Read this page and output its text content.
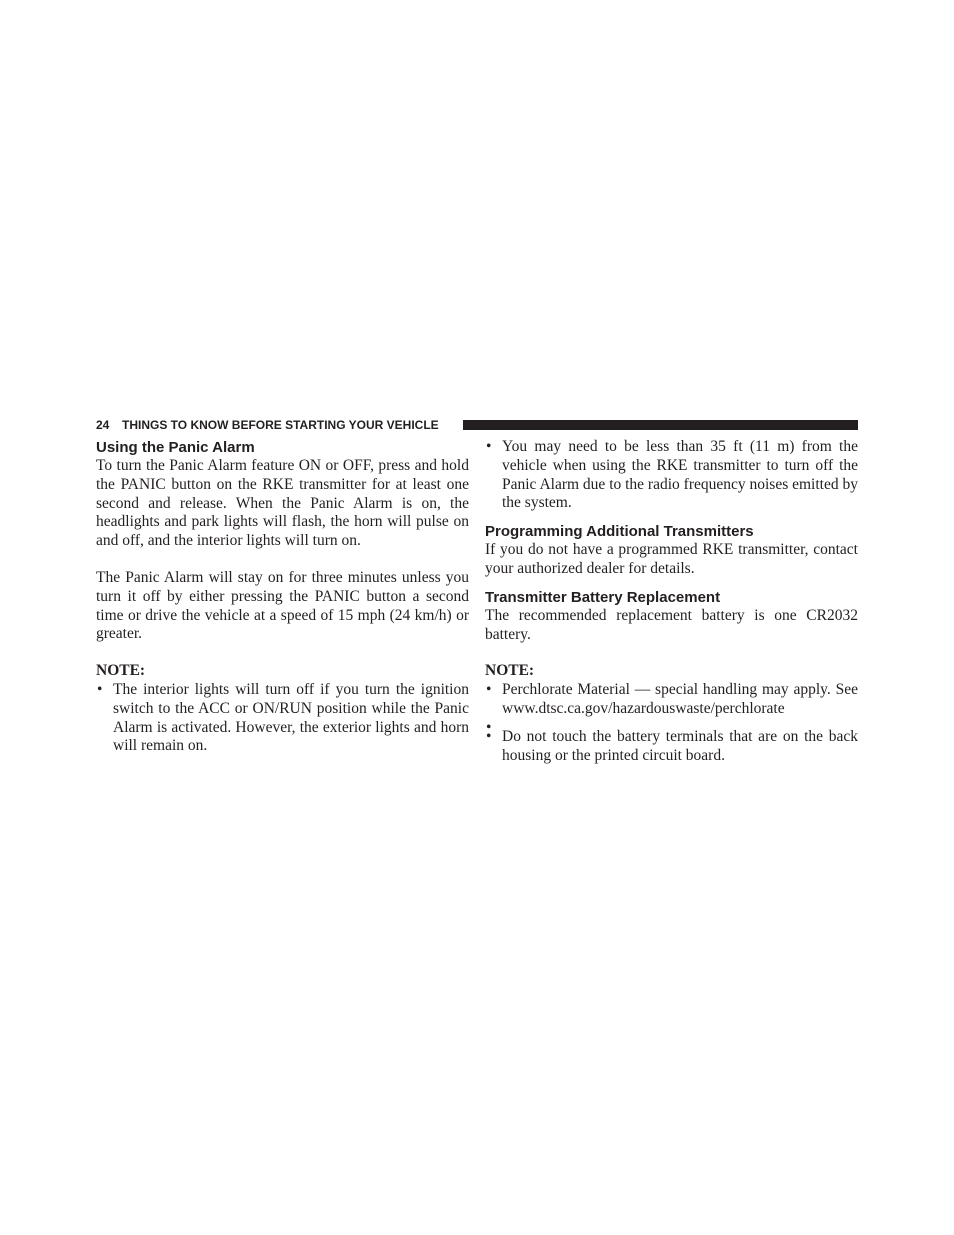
24 THINGS TO KNOW BEFORE STARTING YOUR VEHICLE
Using the Panic Alarm

To turn the Panic Alarm feature ON or OFF, press and hold the PANIC button on the RKE transmitter for at least one second and release. When the Panic Alarm is on, the headlights and park lights will flash, the horn will pulse on and off, and the interior lights will turn on.

The Panic Alarm will stay on for three minutes unless you turn it off by either pressing the PANIC button a second time or drive the vehicle at a speed of 15 mph (24 km/h) or greater.

NOTE:
• The interior lights will turn off if you turn the ignition switch to the ACC or ON/RUN position while the Panic Alarm is activated. However, the exterior lights and horn will remain on.
• You may need to be less than 35 ft (11 m) from the vehicle when using the RKE transmitter to turn off the Panic Alarm due to the radio frequency noises emitted by the system.
Programming Additional Transmitters

If you do not have a programmed RKE transmitter, contact your authorized dealer for details.

Transmitter Battery Replacement

The recommended replacement battery is one CR2032 battery.

NOTE:
• Perchlorate Material — special handling may apply. See www.dtsc.ca.gov/hazardouswaste/perchlorate
•
• Do not touch the battery terminals that are on the back housing or the printed circuit board.
